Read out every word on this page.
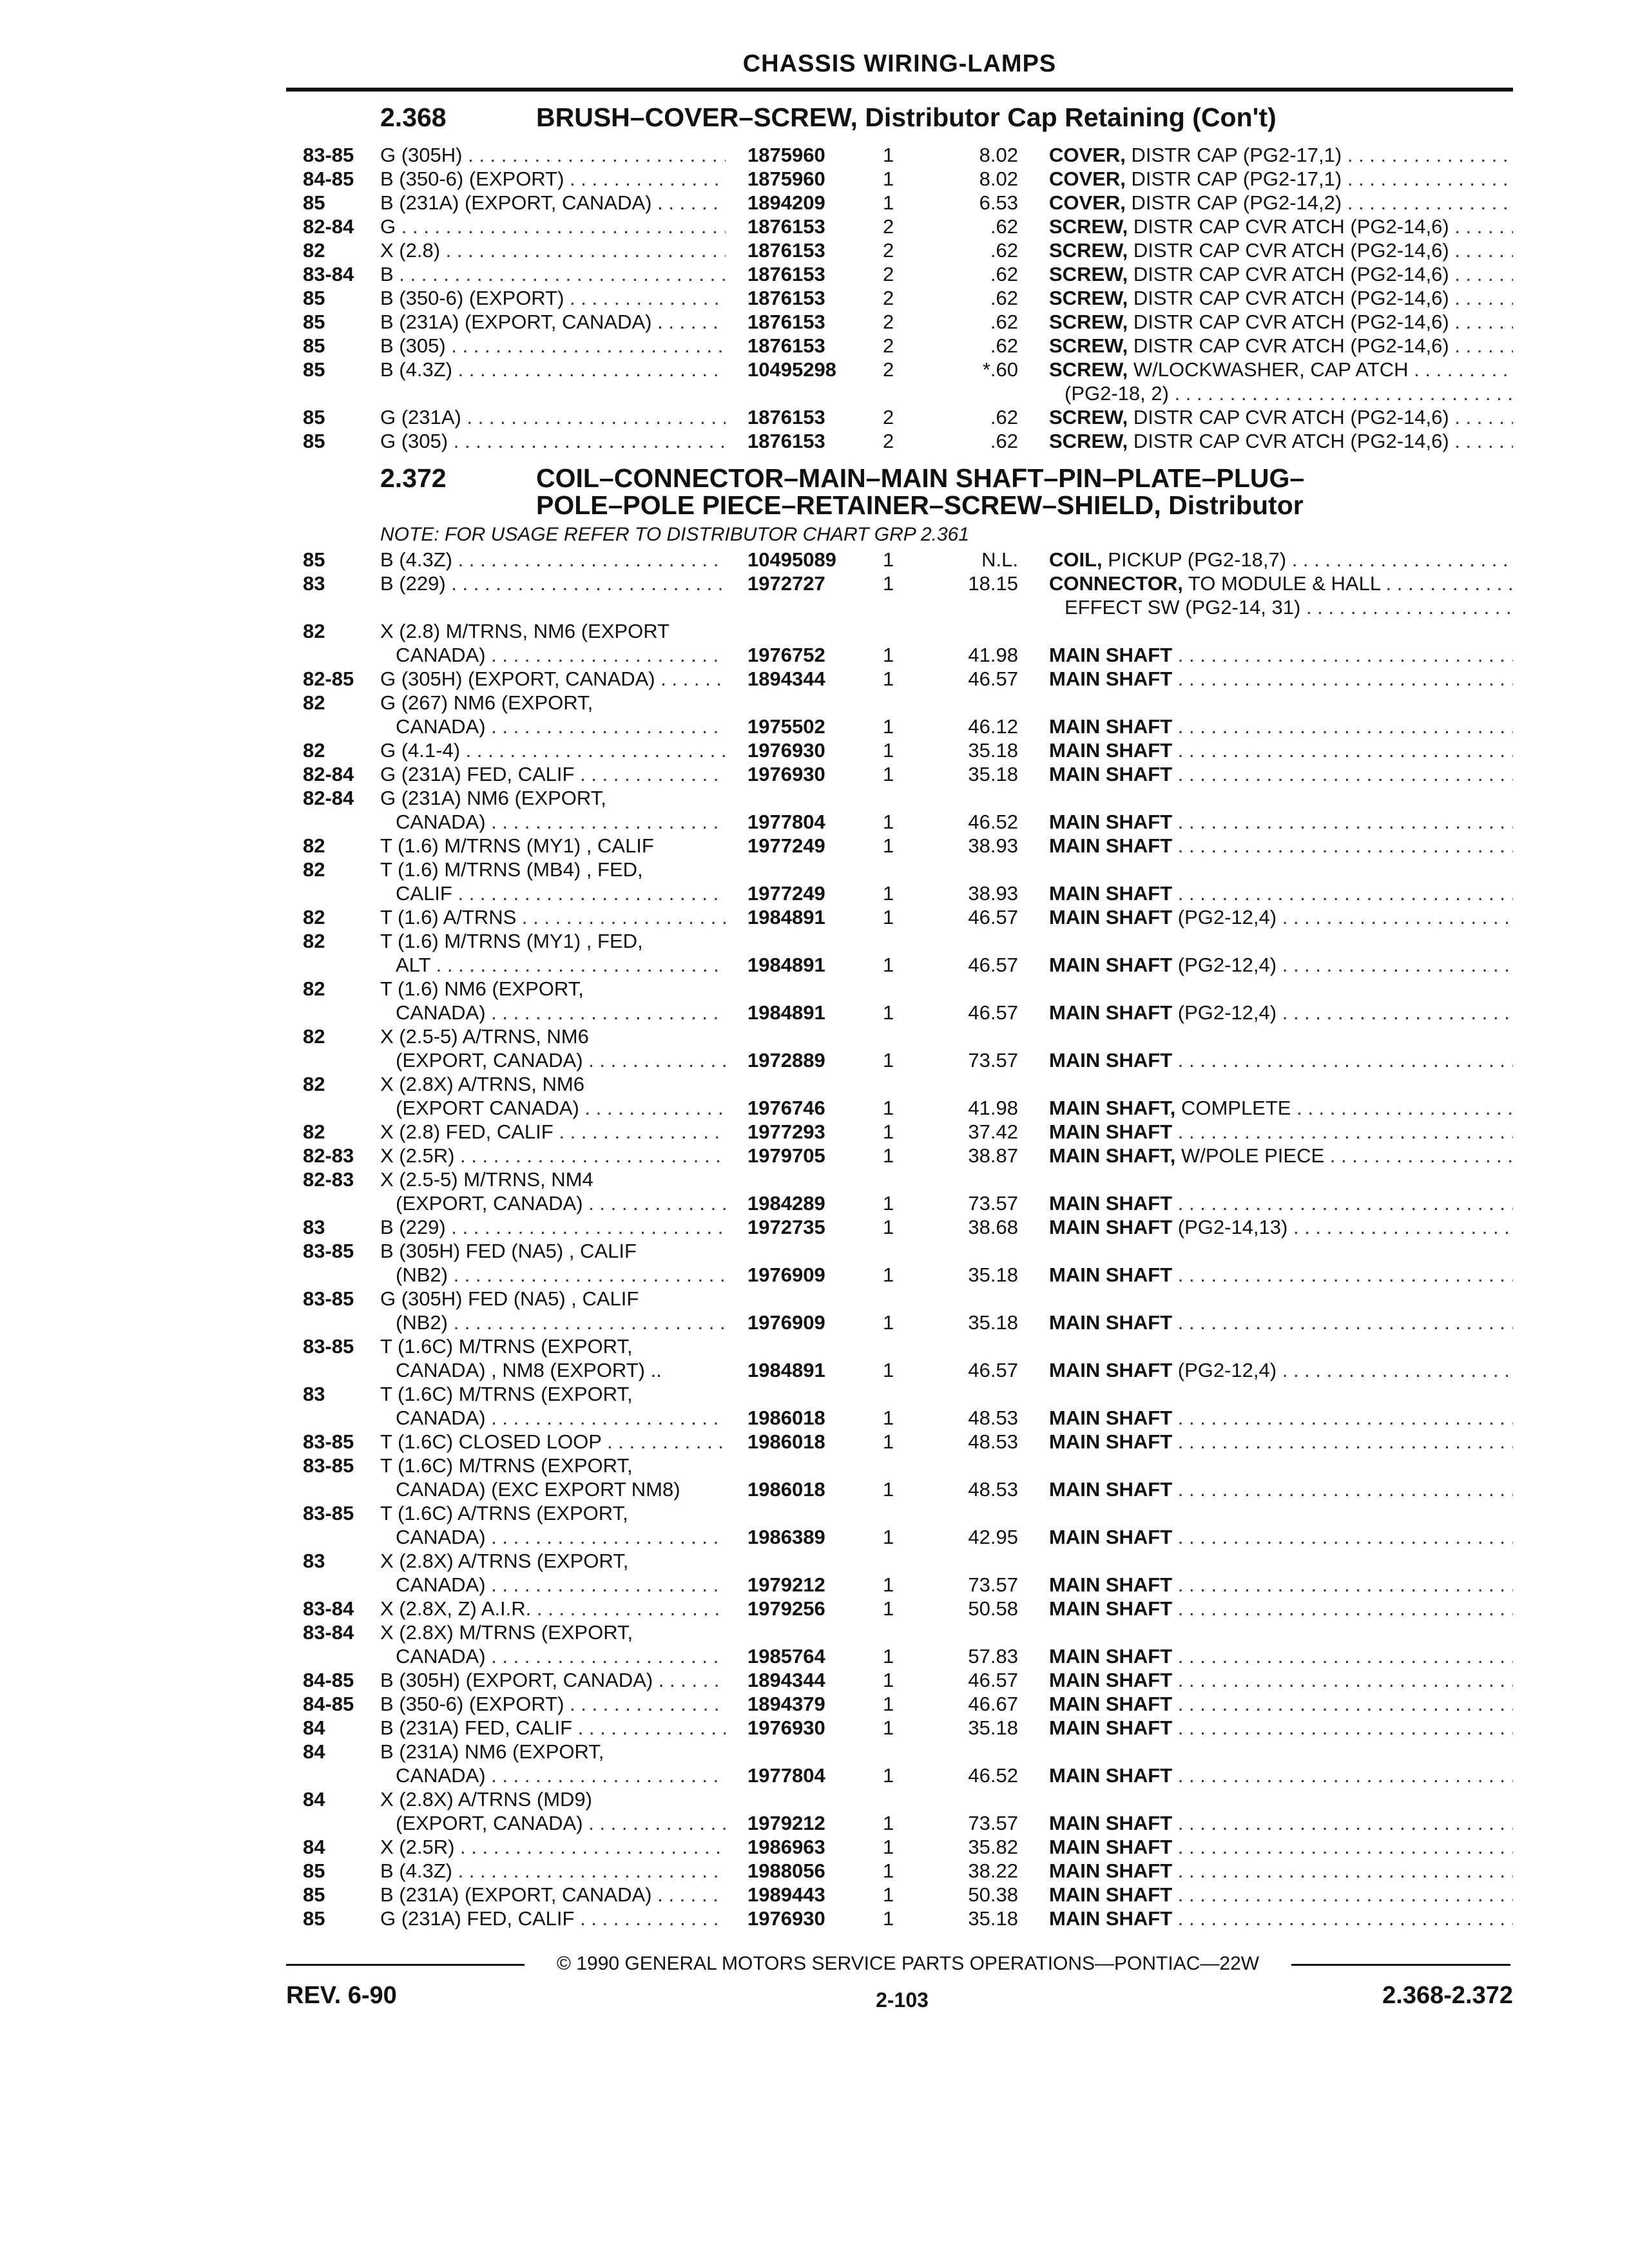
CHASSIS WIRING-LAMPS
2.368	BRUSH–COVER–SCREW, Distributor Cap Retaining (Con't)
83-85	G (305H) . . .	1875960	1	8.02 COVER, DISTR CAP (PG2-17,1) . . .
84-85	B (350-6) (EXPORT) . . .	1875960	1	8.02 COVER, DISTR CAP (PG2-17,1) . . .
85	B (231A) (EXPORT, CANADA) . . . .	1894209	1	6.53 COVER, DISTR CAP (PG2-14,2) . . .
82-84	G . . .	1876153	2	.62 SCREW, DISTR CAP CVR ATCH (PG2-14,6) . . .
82	X (2.8) . . .	1876153	2	.62 SCREW, DISTR CAP CVR ATCH (PG2-14,6) . . .
83-84	B . . .	1876153	2	.62 SCREW, DISTR CAP CVR ATCH (PG2-14,6) . . .
85	B (350-6) (EXPORT) . . .	1876153	2	.62 SCREW, DISTR CAP CVR ATCH (PG2-14,6) . . .
85	B (231A) (EXPORT, CANADA) . . . .	1876153	2	.62 SCREW, DISTR CAP CVR ATCH (PG2-14,6) . . .
85	B (305) . . .	1876153	2	.62 SCREW, DISTR CAP CVR ATCH (PG2-14,6) . . .
85	B (4.3Z) . . .	10495298	2	*.60 SCREW, W/LOCKWASHER, CAP ATCH . . .
(PG2-18, 2) . . .
85	G (231A) . . .	1876153	2	.62 SCREW, DISTR CAP CVR ATCH (PG2-14,6) . . .
85	G (305) . . .	1876153	2	.62 SCREW, DISTR CAP CVR ATCH (PG2-14,6) . . .
2.372	COIL–CONNECTOR–MAIN–MAIN SHAFT–PIN–PLATE–PLUG–
POLE–POLE PIECE–RETAINER–SCREW–SHIELD, Distributor
NOTE: FOR USAGE REFER TO DISTRIBUTOR CHART GRP 2.361
85	B (4.3Z) . . .	10495089	1	N.L. COIL, PICKUP (PG2-18,7) . . .
83	B (229) . . .	1972727	1	18.15 CONNECTOR, TO MODULE & HALL . . .
EFFECT SW (PG2-14, 31) . . .
82	X (2.8) M/TRNS, NM6 (EXPORT
CANADA) . . .	1976752	1	41.98 MAIN SHAFT . . .
82-85	G (305H) (EXPORT, CANADA) . . . .	1894344	1	46.57 MAIN SHAFT . . .
82	G (267) NM6 (EXPORT,
CANADA) . . .	1975502	1	46.12 MAIN SHAFT . . .
82	G (4.1-4) . . .	1976930	1	35.18 MAIN SHAFT . . .
82-84	G (231A) FED, CALIF . . .	1976930	1	35.18 MAIN SHAFT . . .
82-84	G (231A) NM6 (EXPORT,
CANADA) . . .	1977804	1	46.52 MAIN SHAFT . . .
82	T (1.6) M/TRNS (MY1) , CALIF	1977249	1	38.93 MAIN SHAFT . . .
82	T (1.6) M/TRNS (MB4) , FED,
CALIF . . .	1977249	1	38.93 MAIN SHAFT . . .
82	T (1.6) A/TRNS . . .	1984891	1	46.57 MAIN SHAFT (PG2-12,4) . . .
82	T (1.6) M/TRNS (MY1) , FED,
ALT . . .	1984891	1	46.57 MAIN SHAFT (PG2-12,4) . . .
82	T (1.6) NM6 (EXPORT,
CANADA) . . .	1984891	1	46.57 MAIN SHAFT (PG2-12,4) . . .
82	X (2.5-5) A/TRNS, NM6
(EXPORT, CANADA) . . .	1972889	1	73.57 MAIN SHAFT . . .
82	X (2.8X) A/TRNS, NM6
(EXPORT CANADA) . . .	1976746	1	41.98 MAIN SHAFT, COMPLETE . . .
82	X (2.8) FED, CALIF . . .	1977293	1	37.42 MAIN SHAFT . . .
82-83	X (2.5R) . . .	1979705	1	38.87 MAIN SHAFT, W/POLE PIECE . . .
82-83	X (2.5-5) M/TRNS, NM4
(EXPORT, CANADA) . . .	1984289	1	73.57 MAIN SHAFT . . .
83	B (229) . . .	1972735	1	38.68 MAIN SHAFT (PG2-14,13) . . .
83-85	B (305H) FED (NA5) , CALIF
(NB2) . . .	1976909	1	35.18 MAIN SHAFT . . .
83-85	G (305H) FED (NA5) , CALIF
(NB2) . . .	1976909	1	35.18 MAIN SHAFT . . .
83-85	T (1.6C) M/TRNS (EXPORT,
CANADA) , NM8 (EXPORT) ..	1984891	1	46.57 MAIN SHAFT (PG2-12,4) . . .
83	T (1.6C) M/TRNS (EXPORT,
CANADA) . . .	1986018	1	48.53 MAIN SHAFT . . .
83-85	T (1.6C) CLOSED LOOP . . .	1986018	1	48.53 MAIN SHAFT . . .
83-85	T (1.6C) M/TRNS (EXPORT,
CANADA) (EXC EXPORT NM8)	1986018	1	48.53 MAIN SHAFT . . .
83-85	T (1.6C) A/TRNS (EXPORT,
CANADA) . . .	1986389	1	42.95 MAIN SHAFT . . .
83	X (2.8X) A/TRNS (EXPORT,
CANADA) . . .	1979212	1	73.57 MAIN SHAFT . . .
83-84	X (2.8X, Z) A.I.R. . . .	1979256	1	50.58 MAIN SHAFT . . .
83-84	X (2.8X) M/TRNS (EXPORT,
CANADA) . . .	1985764	1	57.83 MAIN SHAFT . . .
84-85	B (305H) (EXPORT, CANADA) . . . .	1894344	1	46.57 MAIN SHAFT . . .
84-85	B (350-6) (EXPORT) . . .	1894379	1	46.67 MAIN SHAFT . . .
84	B (231A) FED, CALIF . . .	1976930	1	35.18 MAIN SHAFT . . .
84	B (231A) NM6 (EXPORT,
CANADA) . . .	1977804	1	46.52 MAIN SHAFT . . .
84	X (2.8X) A/TRNS (MD9)
(EXPORT, CANADA) . . .	1979212	1	73.57 MAIN SHAFT . . .
84	X (2.5R) . . .	1986963	1	35.82 MAIN SHAFT . . .
85	B (4.3Z) . . .	1988056	1	38.22 MAIN SHAFT . . .
85	B (231A) (EXPORT, CANADA) . . . .	1989443	1	50.38 MAIN SHAFT . . .
85	G (231A) FED, CALIF . . .	1976930	1	35.18 MAIN SHAFT . . .
© 1990 GENERAL MOTORS SERVICE PARTS OPERATIONS—PONTIAC—22W
REV. 6-90	2-103	2.368-2.372
